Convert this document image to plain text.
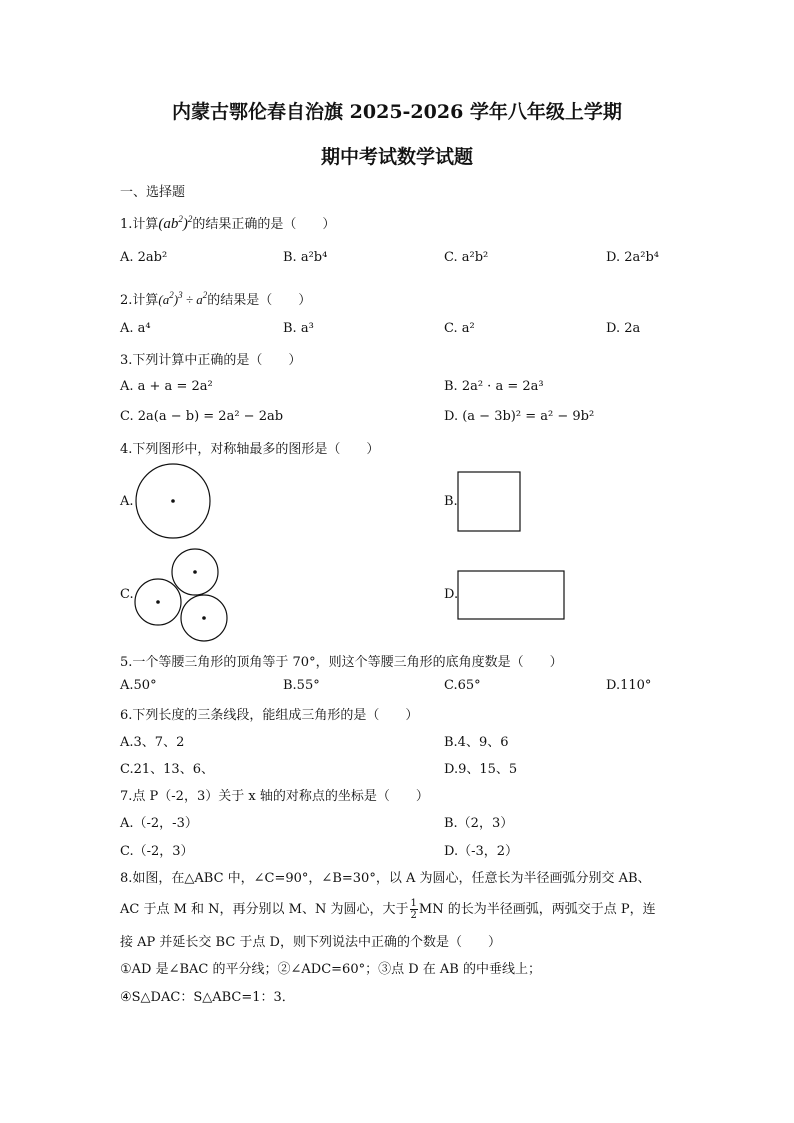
内蒙古鄂伦春自治旗 2025-2026 学年八年级上学期
期中考试数学试题
一、选择题
1.计算$(ab^2)^2$的结果正确的是（　　）
A. 2ab²	B. a²b⁴	C. a²b²	D. 2a²b⁴
2.计算$(a^2)^3 \div a^2$的结果是（　　）
A. a⁴	B. a³	C. a²	D. 2a
3.下列计算中正确的是（　　）
A. a + a = 2a²	B. 2a² · a = 2a³
C. 2a(a − b) = 2a² − 2ab	D. (a − 3b)² = a² − 9b²
4.下列图形中，对称轴最多的图形是（　　）
A.	B.
C.	D.
5.一个等腰三角形的顶角等于 70°，则这个等腰三角形的底角度数是（　　）
A.50°	B.55°	C.65°	D.110°
6.下列长度的三条线段，能组成三角形的是（　　）
A.3、7、2	B.4、9、6
C.21、13、6、	D.9、15、5
7.点 P（-2，3）关于 x 轴的对称点的坐标是（　　）
A.（-2，-3）	B.（2，3）
C.（-2，3）	D.（-3，2）
8.如图，在△ABC 中，∠C=90°，∠B=30°，以 A 为圆心，任意长为半径画弧分别交 AB、
AC 于点 M 和 N，再分别以 M、N 为圆心，大于 $\frac{1}{2}$ MN 的长为半径画弧，两弧交于点 P，连
接 AP 并延长交 BC 于点 D，则下列说法中正确的个数是（　　）
①AD 是∠BAC 的平分线；②∠ADC=60°；③点 D 在 AB 的中垂线上；
④S△DAC：S△ABC=1：3．
